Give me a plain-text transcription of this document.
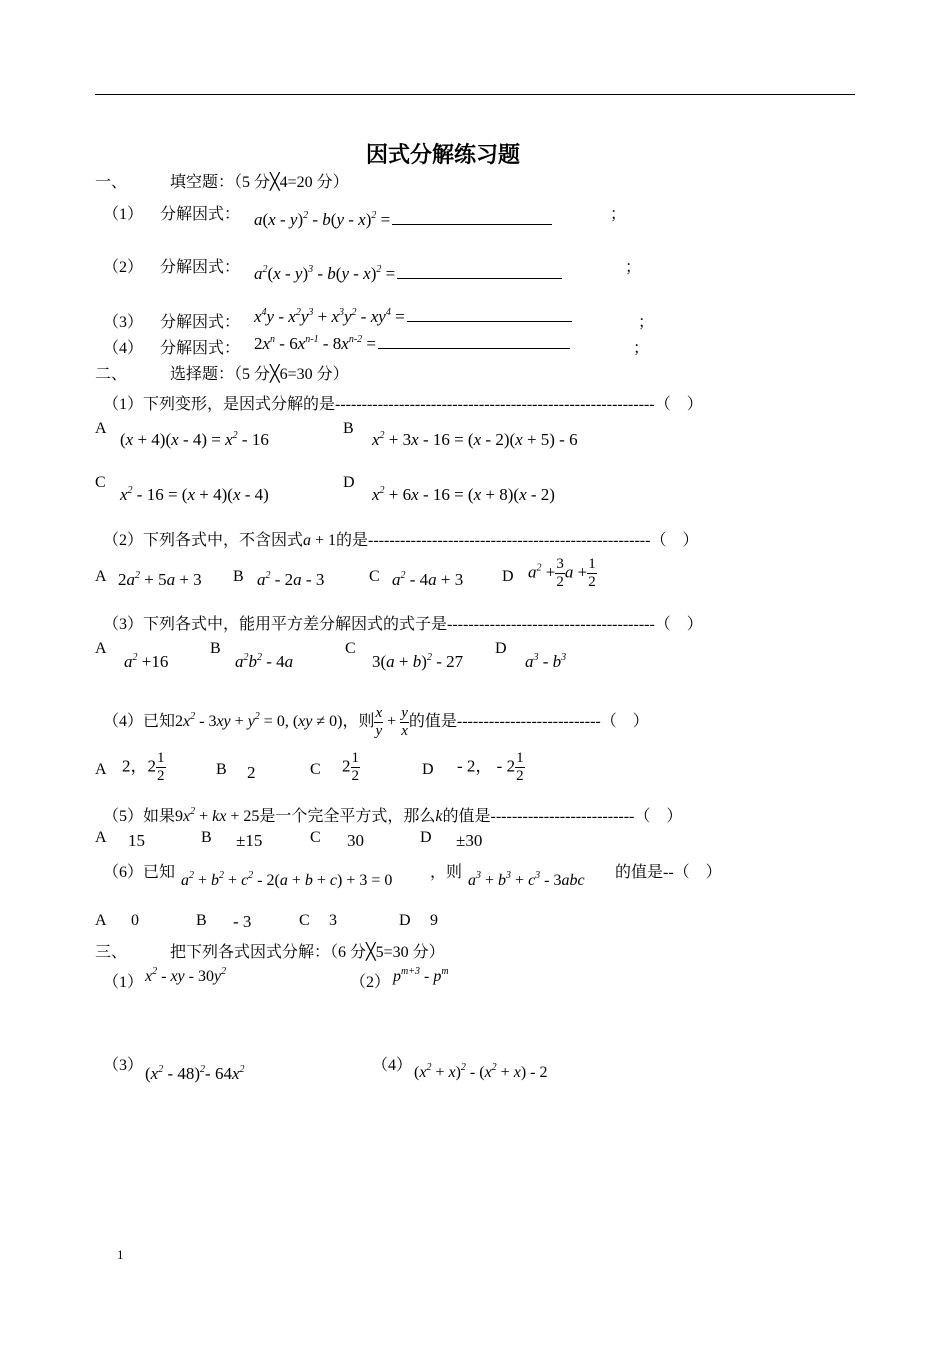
因式分解练习题
一、	填空题：（5 分╳4=20 分）
（1） 分解因式： a(x - y)$^2$ - b(y - x)$^2$ =	；
（2） 分解因式： $a^2(x - y)^3 - b(y - x)^2$ =	；
（3） 分解因式： $x^4y - x^2y^3 + x^3y^2 - xy^4$ =	；
（4） 分解因式： $2x^n - 6x^{n-1} - 8x^{n-2}$ =	；
二、	选择题：（5 分╳6=30 分）
（1）下列变形，是因式分解的是------------------------------------------------------------（　）
A
$(x + 4)(x - 4) = x^2 - 16$
B
$x^2 + 3x - 16 = (x - 2)(x + 5) - 6$
C
$x^2 - 16 = (x + 4)(x - 4)$
D
$x^2 + 6x - 16 = (x + 8)(x - 2)$
（2）下列各式中，不含因式a + 1的是-----------------------------------------------------（　）
A $2a^2 + 5a + 3$ B $a^2 - 2a - 3$	C $a^2 - 4a + 3$ D $a^2 + \frac{3}{2}$ $a + \frac{1}{2}$
（3）下列各式中，能用平方差分解因式的式子是---------------------------------------（　）
A
$a^2 +16$
B
$a^2b^2 - 4a$
C
$3(a + b)^2 - 27$
D
$a^3 - b^3$
（4）已知$2x^2 - 3xy + y^2 = 0$, (xy ≠ 0)，则 $\frac{x}{y} + \frac{y}{x}$ 的值是---------------------------（　）
A 2，$2 \frac{1}{2}$	B 2	C $2 \frac{1}{2}$	D - 2， - $2 \frac{1}{2}$
（5）如果$9x^2$ + kx + 25是一个完全平方式，那么k的值是---------------------------（　）
A 15	B ±15	C 30	D ±30
（6）已知 $a^2 + b^2 + c^2 - 2(a + b + c) + 3 = 0$ ，则 $a^3 + b^3 + c^3 - 3abc$ 的值是--（　）
A 0	B - 3	C 3	D 9
三、	把下列各式因式分解：（6 分╳5=30 分）
（1） $x^2$ - xy - $30y^2$
（2） $p^{m+3} - p^m$
（3） $(x^2 - 48)^2-$ $64x^2$	（4） $(x^2 + x)^2 - (x^2 + x) - 2$
1
